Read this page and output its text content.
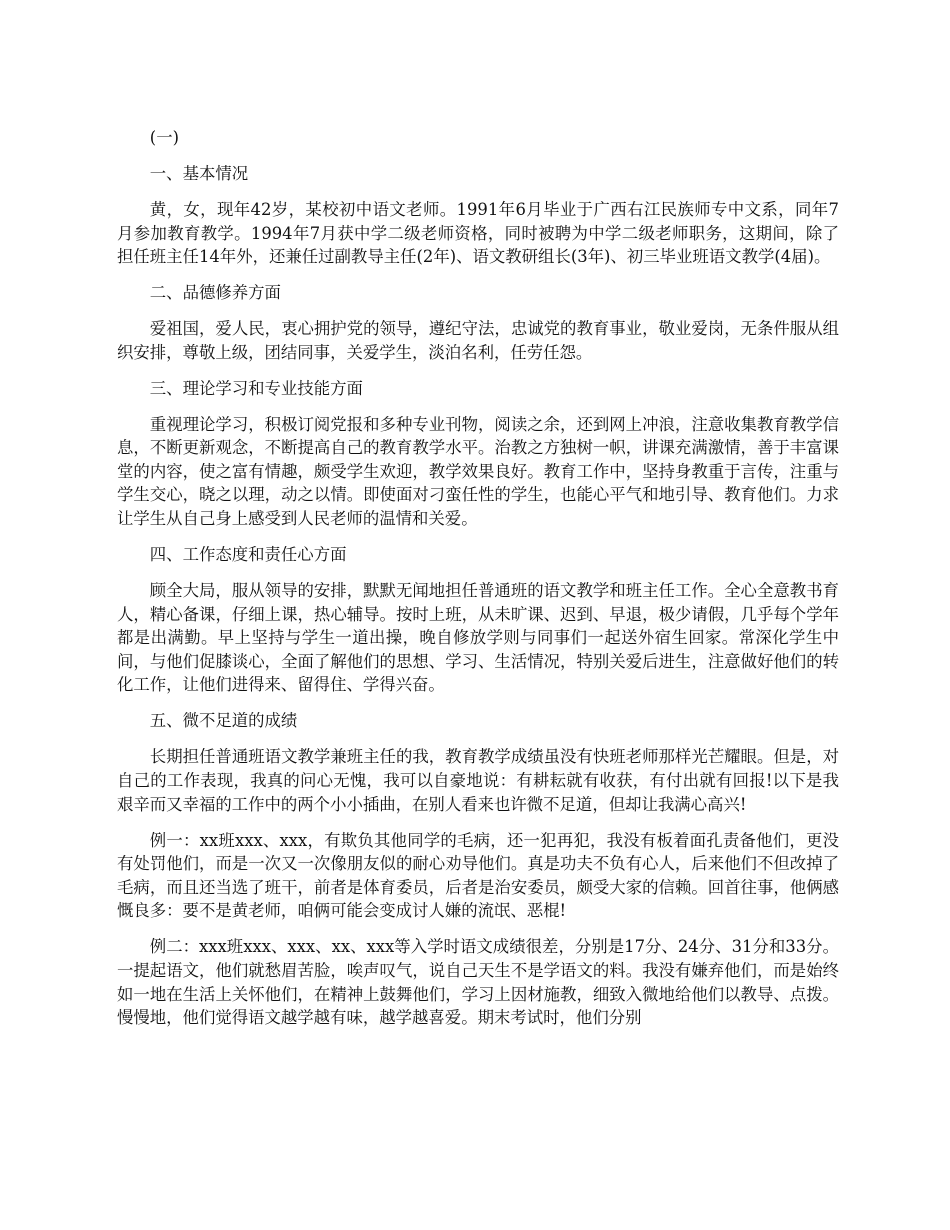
(一)

一、基本情况

黄，女，现年42岁，某校初中语文老师。1991年6月毕业于广西右江民族师专中文系，同年7月参加教育教学。1994年7月获中学二级老师资格，同时被聘为中学二级老师职务，这期间，除了担任班主任14年外，还兼任过副教导主任(2年)、语文教研组长(3年)、初三毕业班语文教学(4届)。

二、品德修养方面

爱祖国，爱人民，衷心拥护党的领导，遵纪守法，忠诚党的教育事业，敬业爱岗，无条件服从组织安排，尊敬上级，团结同事，关爱学生，淡泊名利，任劳任怨。

三、理论学习和专业技能方面

重视理论学习，积极订阅党报和多种专业刊物，阅读之余，还到网上冲浪，注意收集教育教学信息，不断更新观念，不断提高自己的教育教学水平。治教之方独树一帜，讲课充满激情，善于丰富课堂的内容，使之富有情趣，颇受学生欢迎，教学效果良好。教育工作中，坚持身教重于言传，注重与学生交心，晓之以理，动之以情。即使面对刁蛮任性的学生，也能心平气和地引导、教育他们。力求让学生从自己身上感受到人民老师的温情和关爱。

四、工作态度和责任心方面

顾全大局，服从领导的安排，默默无闻地担任普通班的语文教学和班主任工作。全心全意教书育人，精心备课，仔细上课，热心辅导。按时上班，从未旷课、迟到、早退，极少请假，几乎每个学年都是出满勤。早上坚持与学生一道出操，晚自修放学则与同事们一起送外宿生回家。常深化学生中间，与他们促膝谈心，全面了解他们的思想、学习、生活情况，特别关爱后进生，注意做好他们的转化工作，让他们进得来、留得住、学得兴奋。

五、微不足道的成绩

长期担任普通班语文教学兼班主任的我，教育教学成绩虽没有快班老师那样光芒耀眼。但是，对自己的工作表现，我真的问心无愧，我可以自豪地说：有耕耘就有收获，有付出就有回报!以下是我艰辛而又幸福的工作中的两个小小插曲，在别人看来也许微不足道，但却让我满心高兴!

例一：xx班xxx、xxx，有欺负其他同学的毛病，还一犯再犯，我没有板着面孔责备他们，更没有处罚他们，而是一次又一次像朋友似的耐心劝导他们。真是功夫不负有心人，后来他们不但改掉了毛病，而且还当选了班干，前者是体育委员，后者是治安委员，颇受大家的信赖。回首往事，他俩感慨良多：要不是黄老师，咱俩可能会变成讨人嫌的流氓、恶棍!

例二：xxx班xxx、xxx、xx、xxx等入学时语文成绩很差，分别是17分、24分、31分和33分。一提起语文，他们就愁眉苦脸，唉声叹气，说自己天生不是学语文的料。我没有嫌弃他们，而是始终如一地在生活上关怀他们，在精神上鼓舞他们，学习上因材施教，细致入微地给他们以教导、点拨。慢慢地，他们觉得语文越学越有味，越学越喜爱。期末考试时，他们分别
